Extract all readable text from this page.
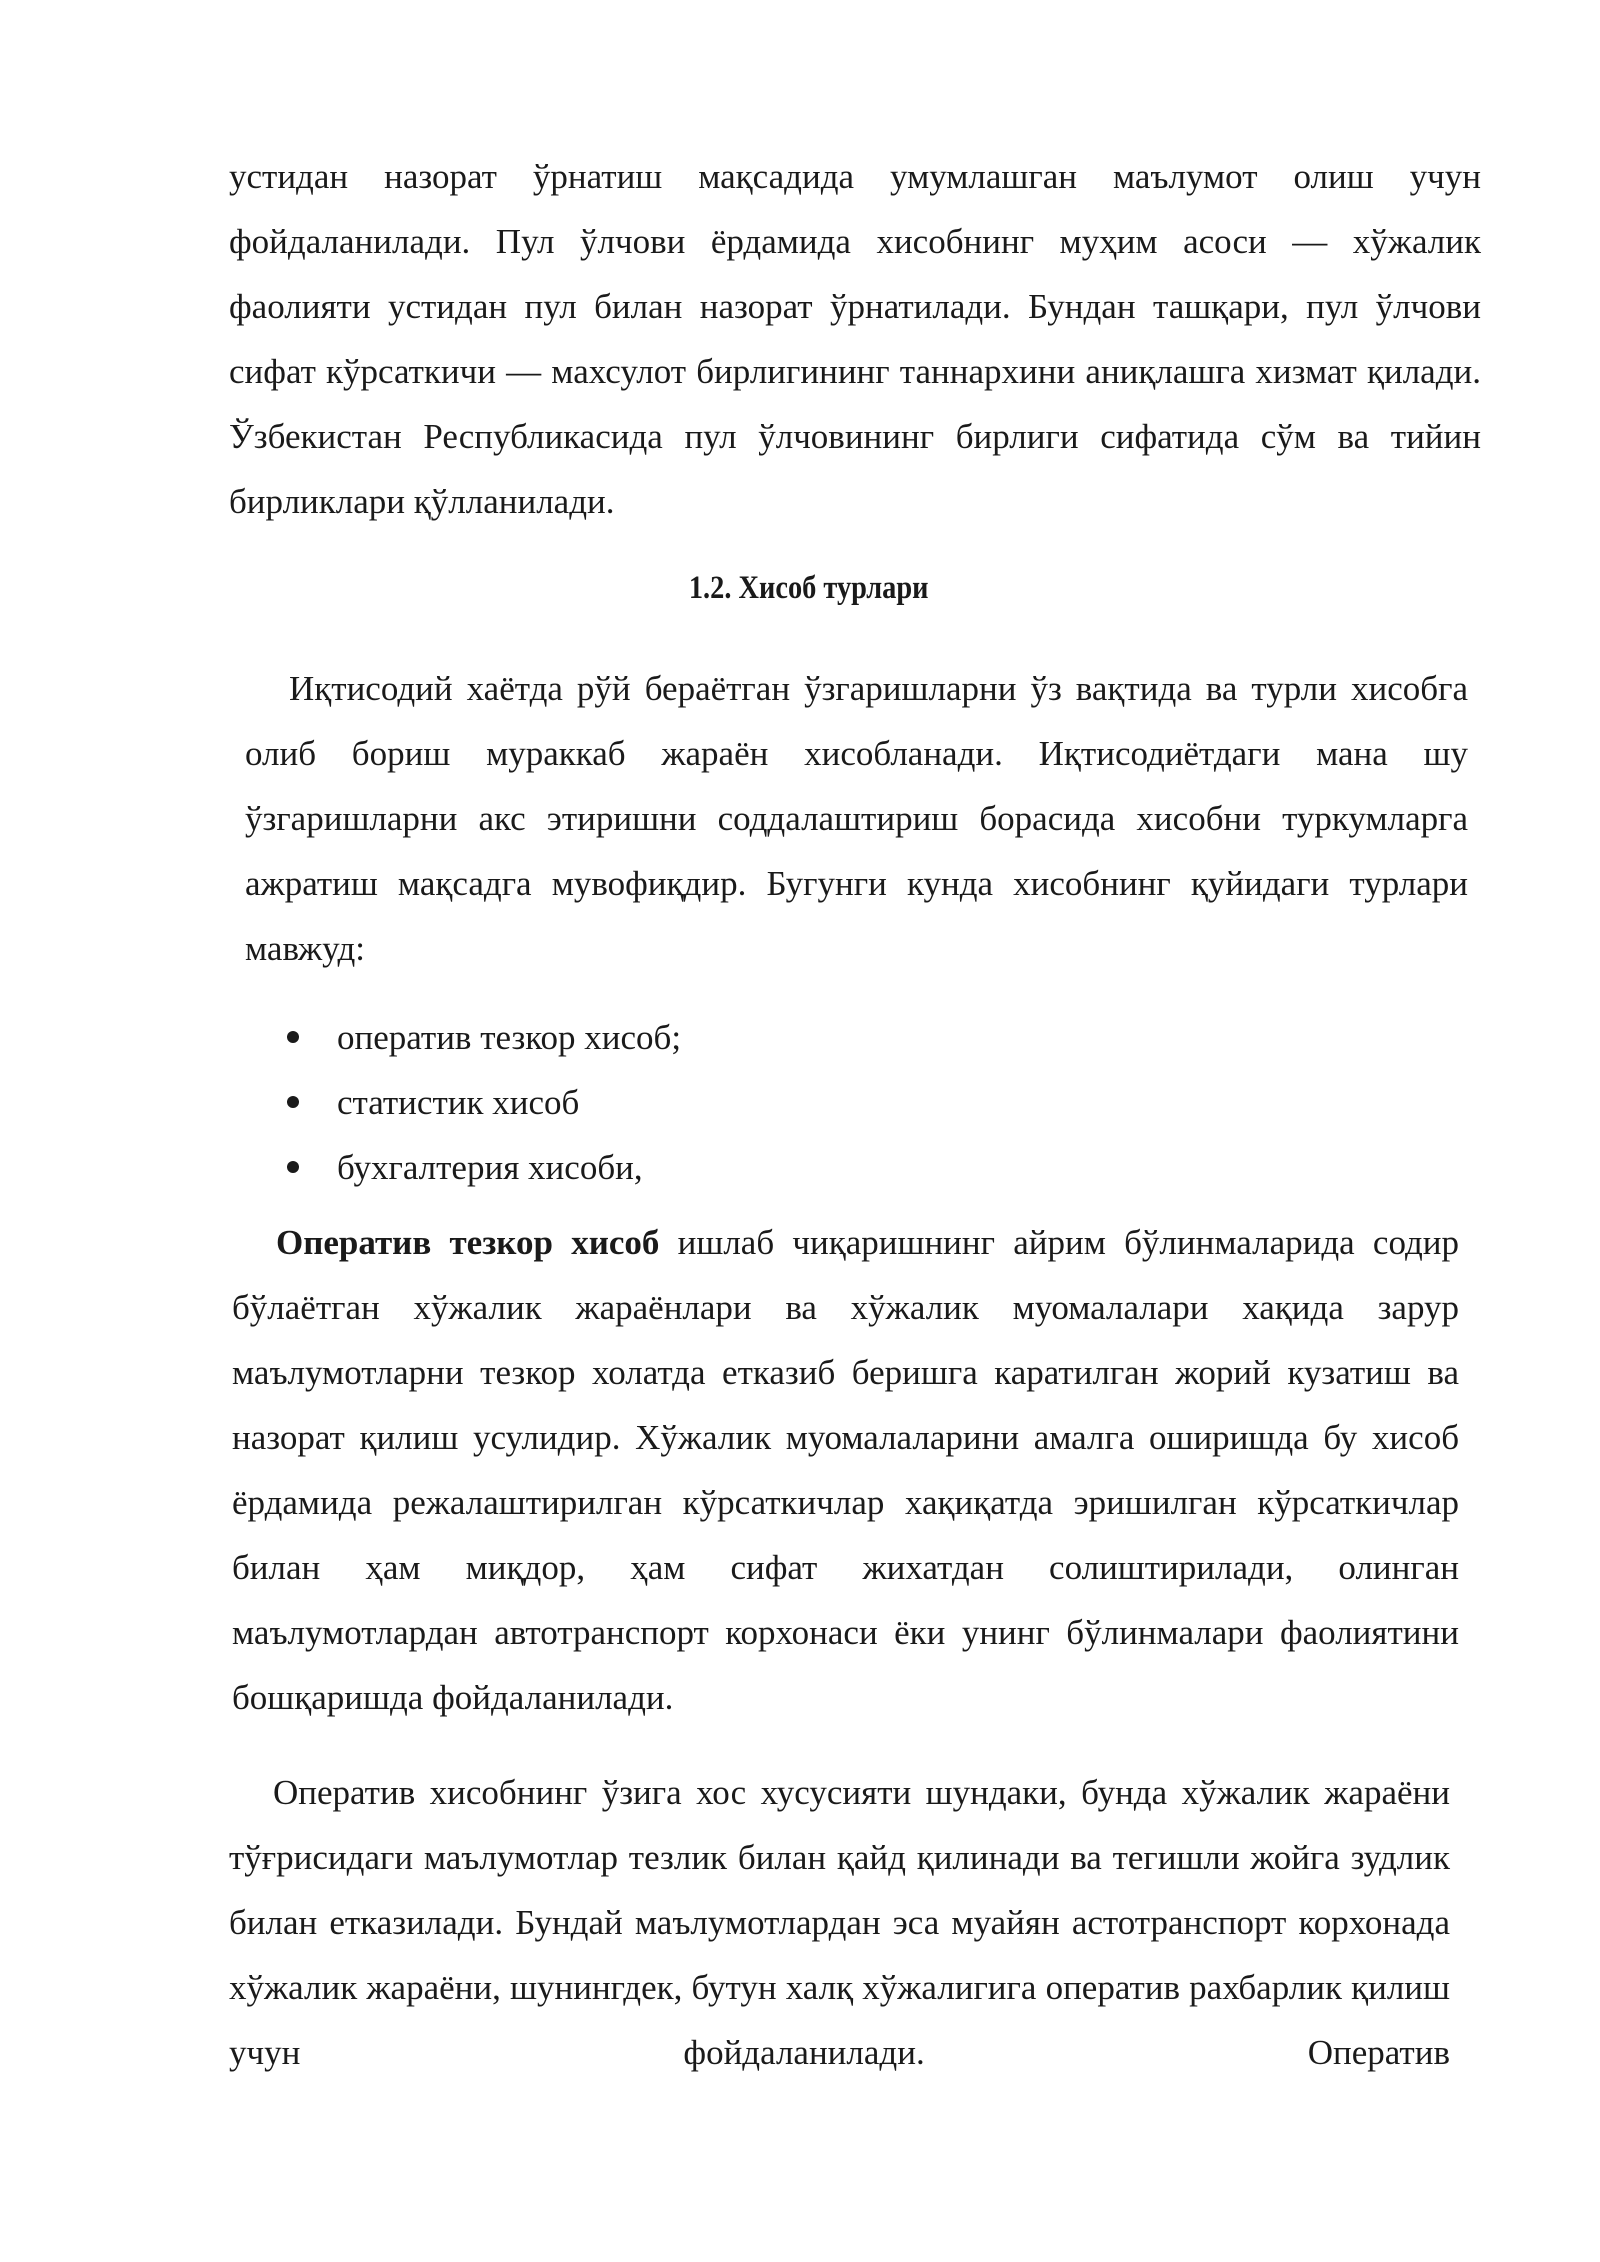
устидан назорат ўрнатиш мақсадида умумлашган маълумот олиш учун фойдаланилади. Пул ўлчови ёрдамида хисобнинг муҳим асоси — хўжалик фаолияти устидан пул билан назорат ўрнатилади. Бундан ташқари, пул ўлчови сифат кўрсаткичи — махсулот бирлигининг таннархини аниқлашга хизмат қилади. Ўзбекистан Республикасида пул ўлчовининг бирлиги сифатида сўм ва тийин бирликлари қўлланилади.

1.2. Хисоб турлари

Иқтисодий хаётда рўй бераётган ўзгаришларни ўз вақтида ва турли хисобга олиб бориш мураккаб жараён хисобланади. Иқтисодиётдаги мана шу ўзгаришларни акс этиришни соддалаштириш борасида хисобни туркумларга ажратиш мақсадга мувофиқдир. Бугунги кунда хисобнинг қуйидаги турлари мавжуд:

оператив тезкор хисоб;
статистик хисоб
бухгалтерия хисоби,

Оператив тезкор хисоб ишлаб чиқаришнинг айрим бўлинмаларида содир бўлаётган хўжалик жараёнлари ва хўжалик муомалалари хақида зарур маълумотларни тезкор холатда етказиб беришга каратилган жорий кузатиш ва назорат қилиш усулидир. Хўжалик муомалаларини амалга оширишда бу хисоб ёрдамида режалаштирилган кўрсаткичлар хақиқатда эришилган кўрсаткичлар билан ҳам миқдор, ҳам сифат жихатдан солиштирилади, олинган маълумотлардан автотранспорт корхонаси ёки унинг бўлинмалари фаолиятини бошқаришда фойдаланилади.

Оператив хисобнинг ўзига хос хусусияти шундаки, бунда хўжалик жараёни тўғрисидаги маълумотлар тезлик билан қайд қилинади ва тегишли жойга зудлик билан етказилади. Бундай маълумотлардан эса муайян астотранспорт корхонада хўжалик жараёни, шунингдек, бутун халқ хўжалигига оператив рахбарлик қилиш учун фойдаланилади. Оператив
